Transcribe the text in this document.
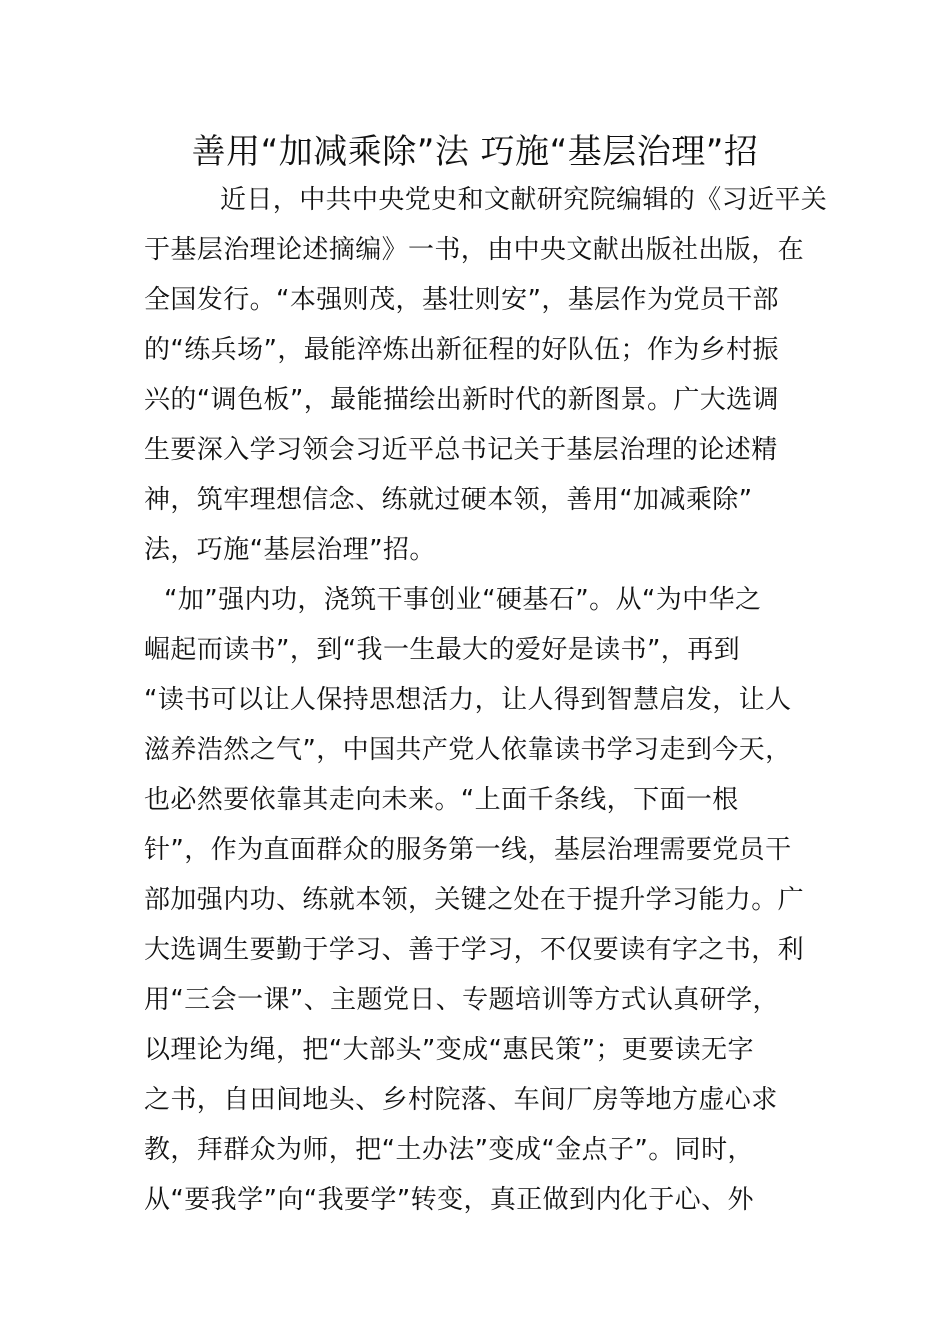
善用“加减乘除”法 巧施“基层治理”招
近日，中共中央党史和文献研究院编辑的《习近平关
于基层治理论述摘编》一书，由中央文献出版社出版，在
全国发行。“本强则茂，基壮则安”，基层作为党员干部
的“练兵场”，最能淬炼出新征程的好队伍；作为乡村振
兴的“调色板”，最能描绘出新时代的新图景。广大选调
生要深入学习领会习近平总书记关于基层治理的论述精
神，筑牢理想信念、练就过硬本领，善用“加减乘除”
法，巧施“基层治理”招。
“加”强内功，浇筑干事创业“硬基石”。从“为中华之
崛起而读书”，到“我一生最大的爱好是读书”，再到
“读书可以让人保持思想活力，让人得到智慧启发，让人
滋养浩然之气”，中国共产党人依靠读书学习走到今天，
也必然要依靠其走向未来。“上面千条线，下面一根
针”，作为直面群众的服务第一线，基层治理需要党员干
部加强内功、练就本领，关键之处在于提升学习能力。广
大选调生要勤于学习、善于学习，不仅要读有字之书，利
用“三会一课”、主题党日、专题培训等方式认真研学，
以理论为绳，把“大部头”变成“惠民策”；更要读无字
之书，自田间地头、乡村院落、车间厂房等地方虚心求
教，拜群众为师，把“土办法”变成“金点子”。同时，
从“要我学”向“我要学”转变，真正做到内化于心、外
